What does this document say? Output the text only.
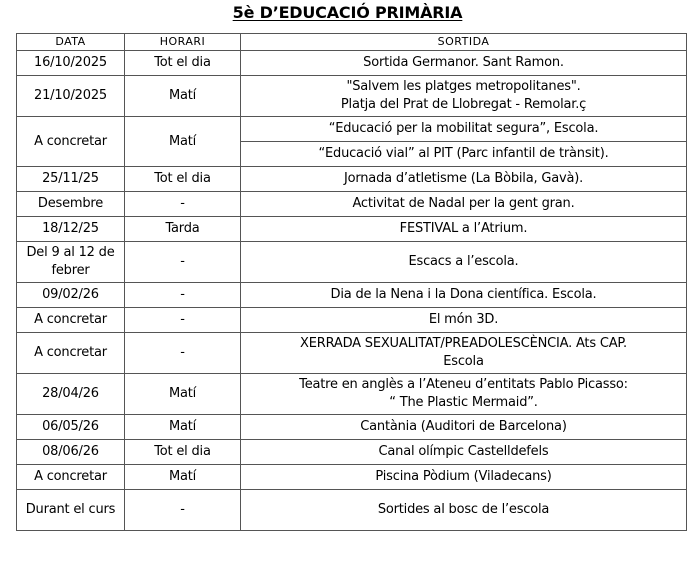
5è D’EDUCACIÓ PRIMÀRIA
DATA	HORARI	SORTIDA
16/10/2025	Tot el dia	Sortida Germanor. Sant Ramon.

21/10/2025	Matí	"Salvem les platges metropolitanes".
Platja del Prat de Llobregat - Remolar.ç

A concretar	Matí	“Educació per la mobilitat segura”, Escola.

		“Educació vial” al PIT (Parc infantil de trànsit).

25/11/25	Tot el dia	Jornada d’atletisme (La Bòbila, Gavà).

Desembre	-	Activitat de Nadal per la gent gran.

18/12/25	Tarda	FESTIVAL a l’Atrium.

Del 9 al 12 de febrer	-	Escacs a l’escola.

09/02/26	-	Dia de la Nena i la Dona científica. Escola.

A concretar	-	El món 3D.

A concretar	-	XERRADA SEXUALITAT/PREADOLESCÈNCIA. Ats CAP.
Escola

28/04/26	Matí	Teatre en anglès a l’Ateneu d’entitats Pablo Picasso:
“ The Plastic Mermaid”.

06/05/26	Matí	Cantània (Auditori de Barcelona)

08/06/26	Tot el dia	Canal olímpic Castelldefels

A concretar	Matí	Piscina Pòdium (Viladecans)

Durant el curs	-	Sortides al bosc de l’escola
